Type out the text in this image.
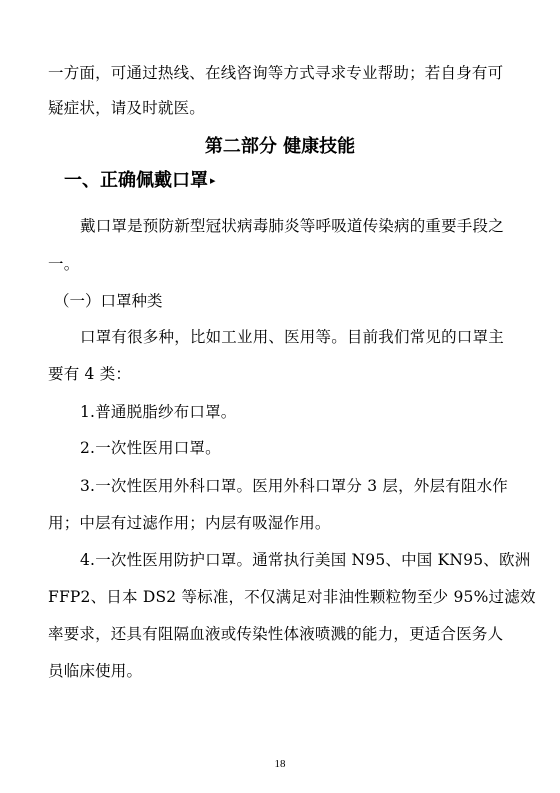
一方面，可通过热线、在线咨询等方式寻求专业帮助；若自身有可
疑症状，请及时就医。
第二部分 健康技能
一、正确佩戴口罩 ▸
戴口罩是预防新型冠状病毒肺炎等呼吸道传染病的重要手段之
一。
（一）口罩种类
口罩有很多种，比如工业用、医用等。目前我们常见的口罩主
要有 4 类：
1.普通脱脂纱布口罩。
2.一次性医用口罩。
3.一次性医用外科口罩。医用外科口罩分 3 层，外层有阻水作
用；中层有过滤作用；内层有吸湿作用。
4.一次性医用防护口罩。通常执行美国 N95、中国 KN95、欧洲
FFP2、日本 DS2 等标准，不仅满足对非油性颗粒物至少 95%过滤效
率要求，还具有阻隔血液或传染性体液喷溅的能力，更适合医务人
员临床使用。
18
